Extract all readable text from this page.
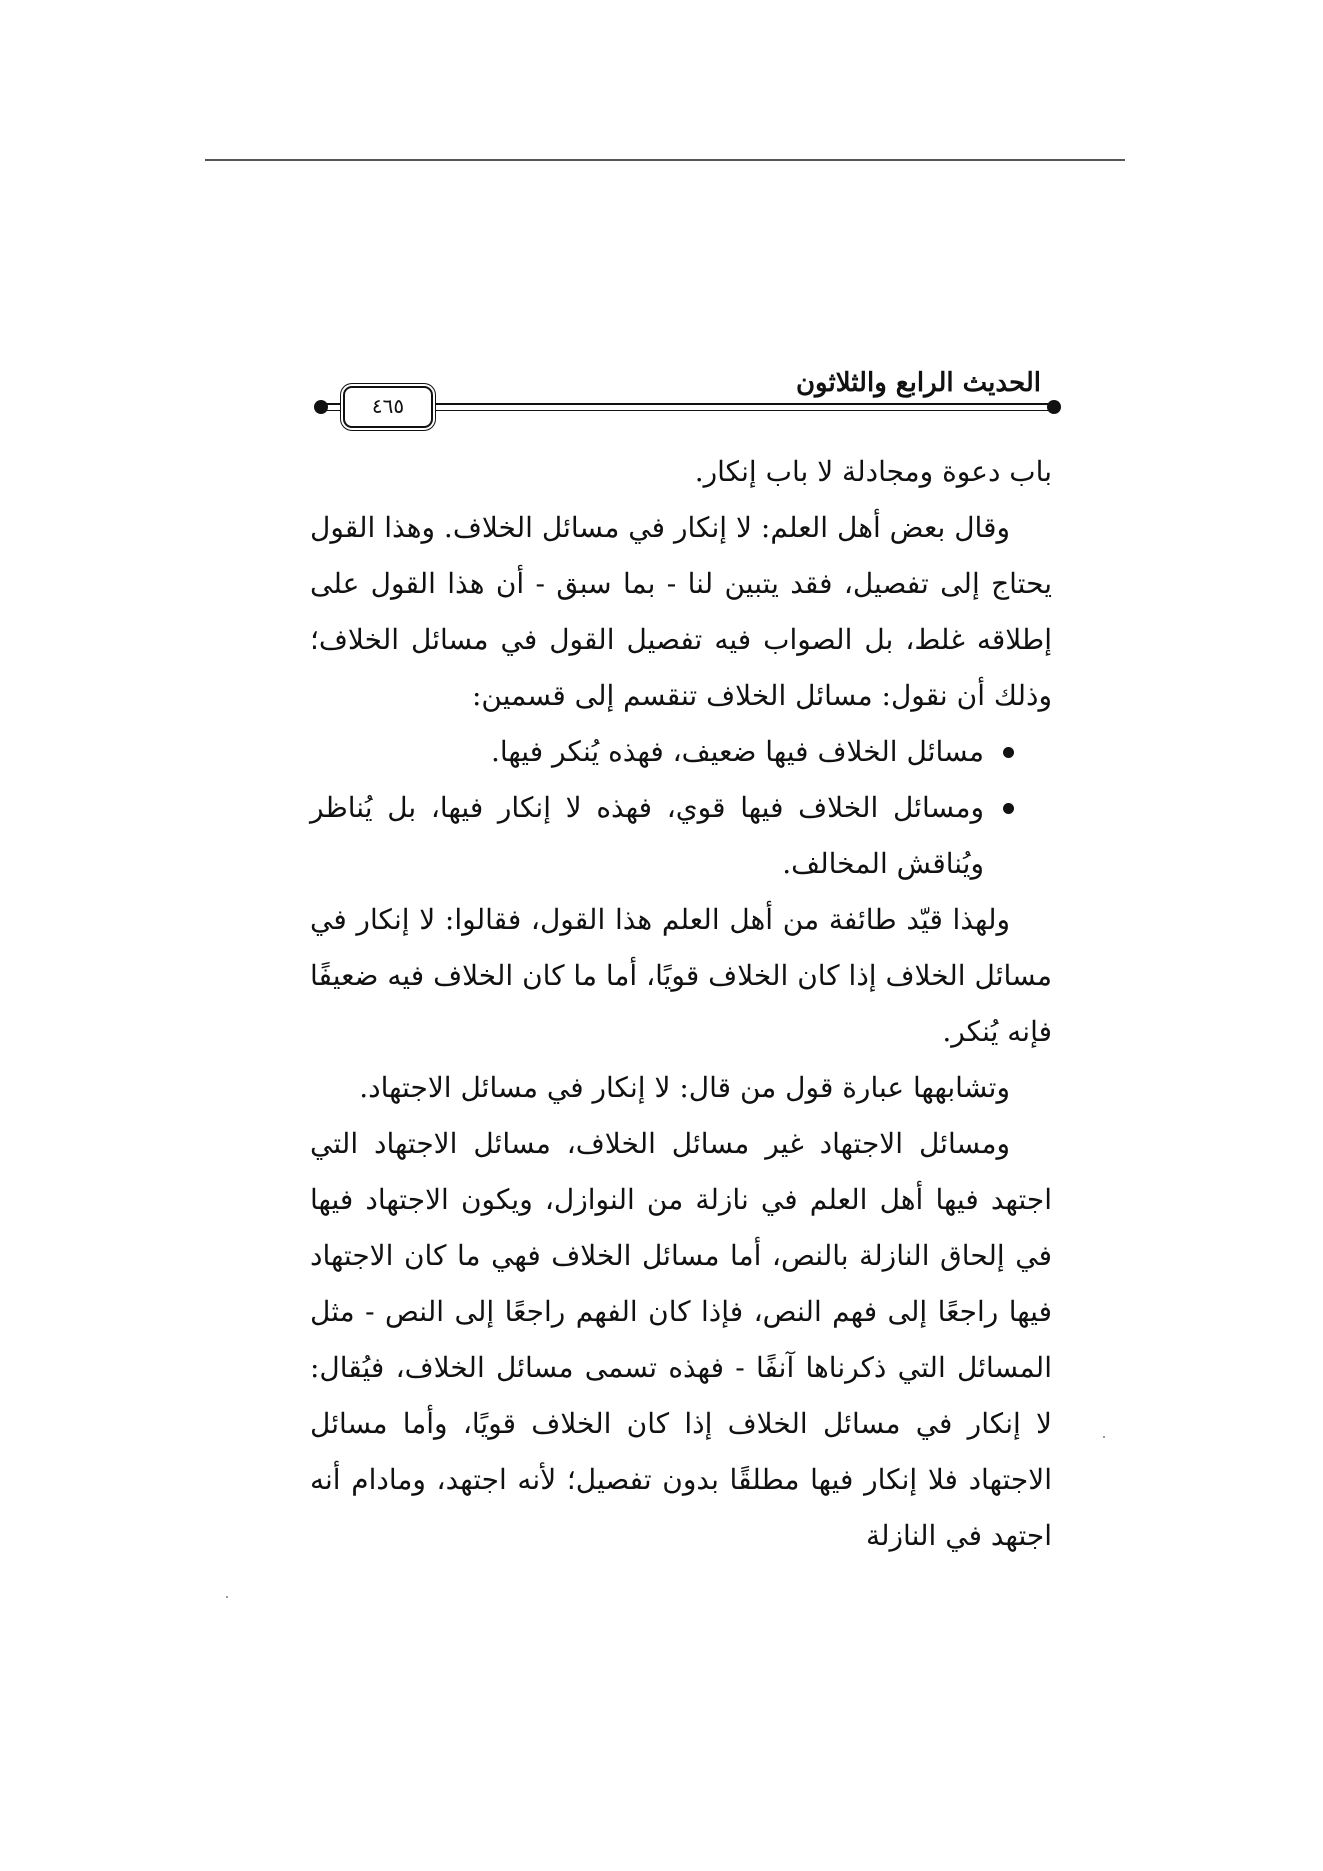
الحديث الرابع والثلاثون
٤٦٥

باب دعوة ومجادلة لا باب إنكار.

وقال بعض أهل العلم: لا إنكار في مسائل الخلاف. وهذا القول يحتاج إلى تفصيل، فقد يتبين لنا - بما سبق - أن هذا القول على إطلاقه غلط، بل الصواب فيه تفصيل القول في مسائل الخلاف؛ وذلك أن نقول: مسائل الخلاف تنقسم إلى قسمين:

مسائل الخلاف فيها ضعيف، فهذه يُنكر فيها.
ومسائل الخلاف فيها قوي، فهذه لا إنكار فيها، بل يُناظر ويُناقش المخالف.

ولهذا قيّد طائفة من أهل العلم هذا القول، فقالوا: لا إنكار في مسائل الخلاف إذا كان الخلاف قويًا، أما ما كان الخلاف فيه ضعيفًا فإنه يُنكر.

وتشابهها عبارة قول من قال: لا إنكار في مسائل الاجتهاد.

ومسائل الاجتهاد غير مسائل الخلاف، مسائل الاجتهاد التي اجتهد فيها أهل العلم في نازلة من النوازل، ويكون الاجتهاد فيها في إلحاق النازلة بالنص، أما مسائل الخلاف فهي ما كان الاجتهاد فيها راجعًا إلى فهم النص، فإذا كان الفهم راجعًا إلى النص - مثل المسائل التي ذكرناها آنفًا - فهذه تسمى مسائل الخلاف، فيُقال: لا إنكار في مسائل الخلاف إذا كان الخلاف قويًا، وأما مسائل الاجتهاد فلا إنكار فيها مطلقًا بدون تفصيل؛ لأنه اجتهد، ومادام أنه اجتهد في النازلة
